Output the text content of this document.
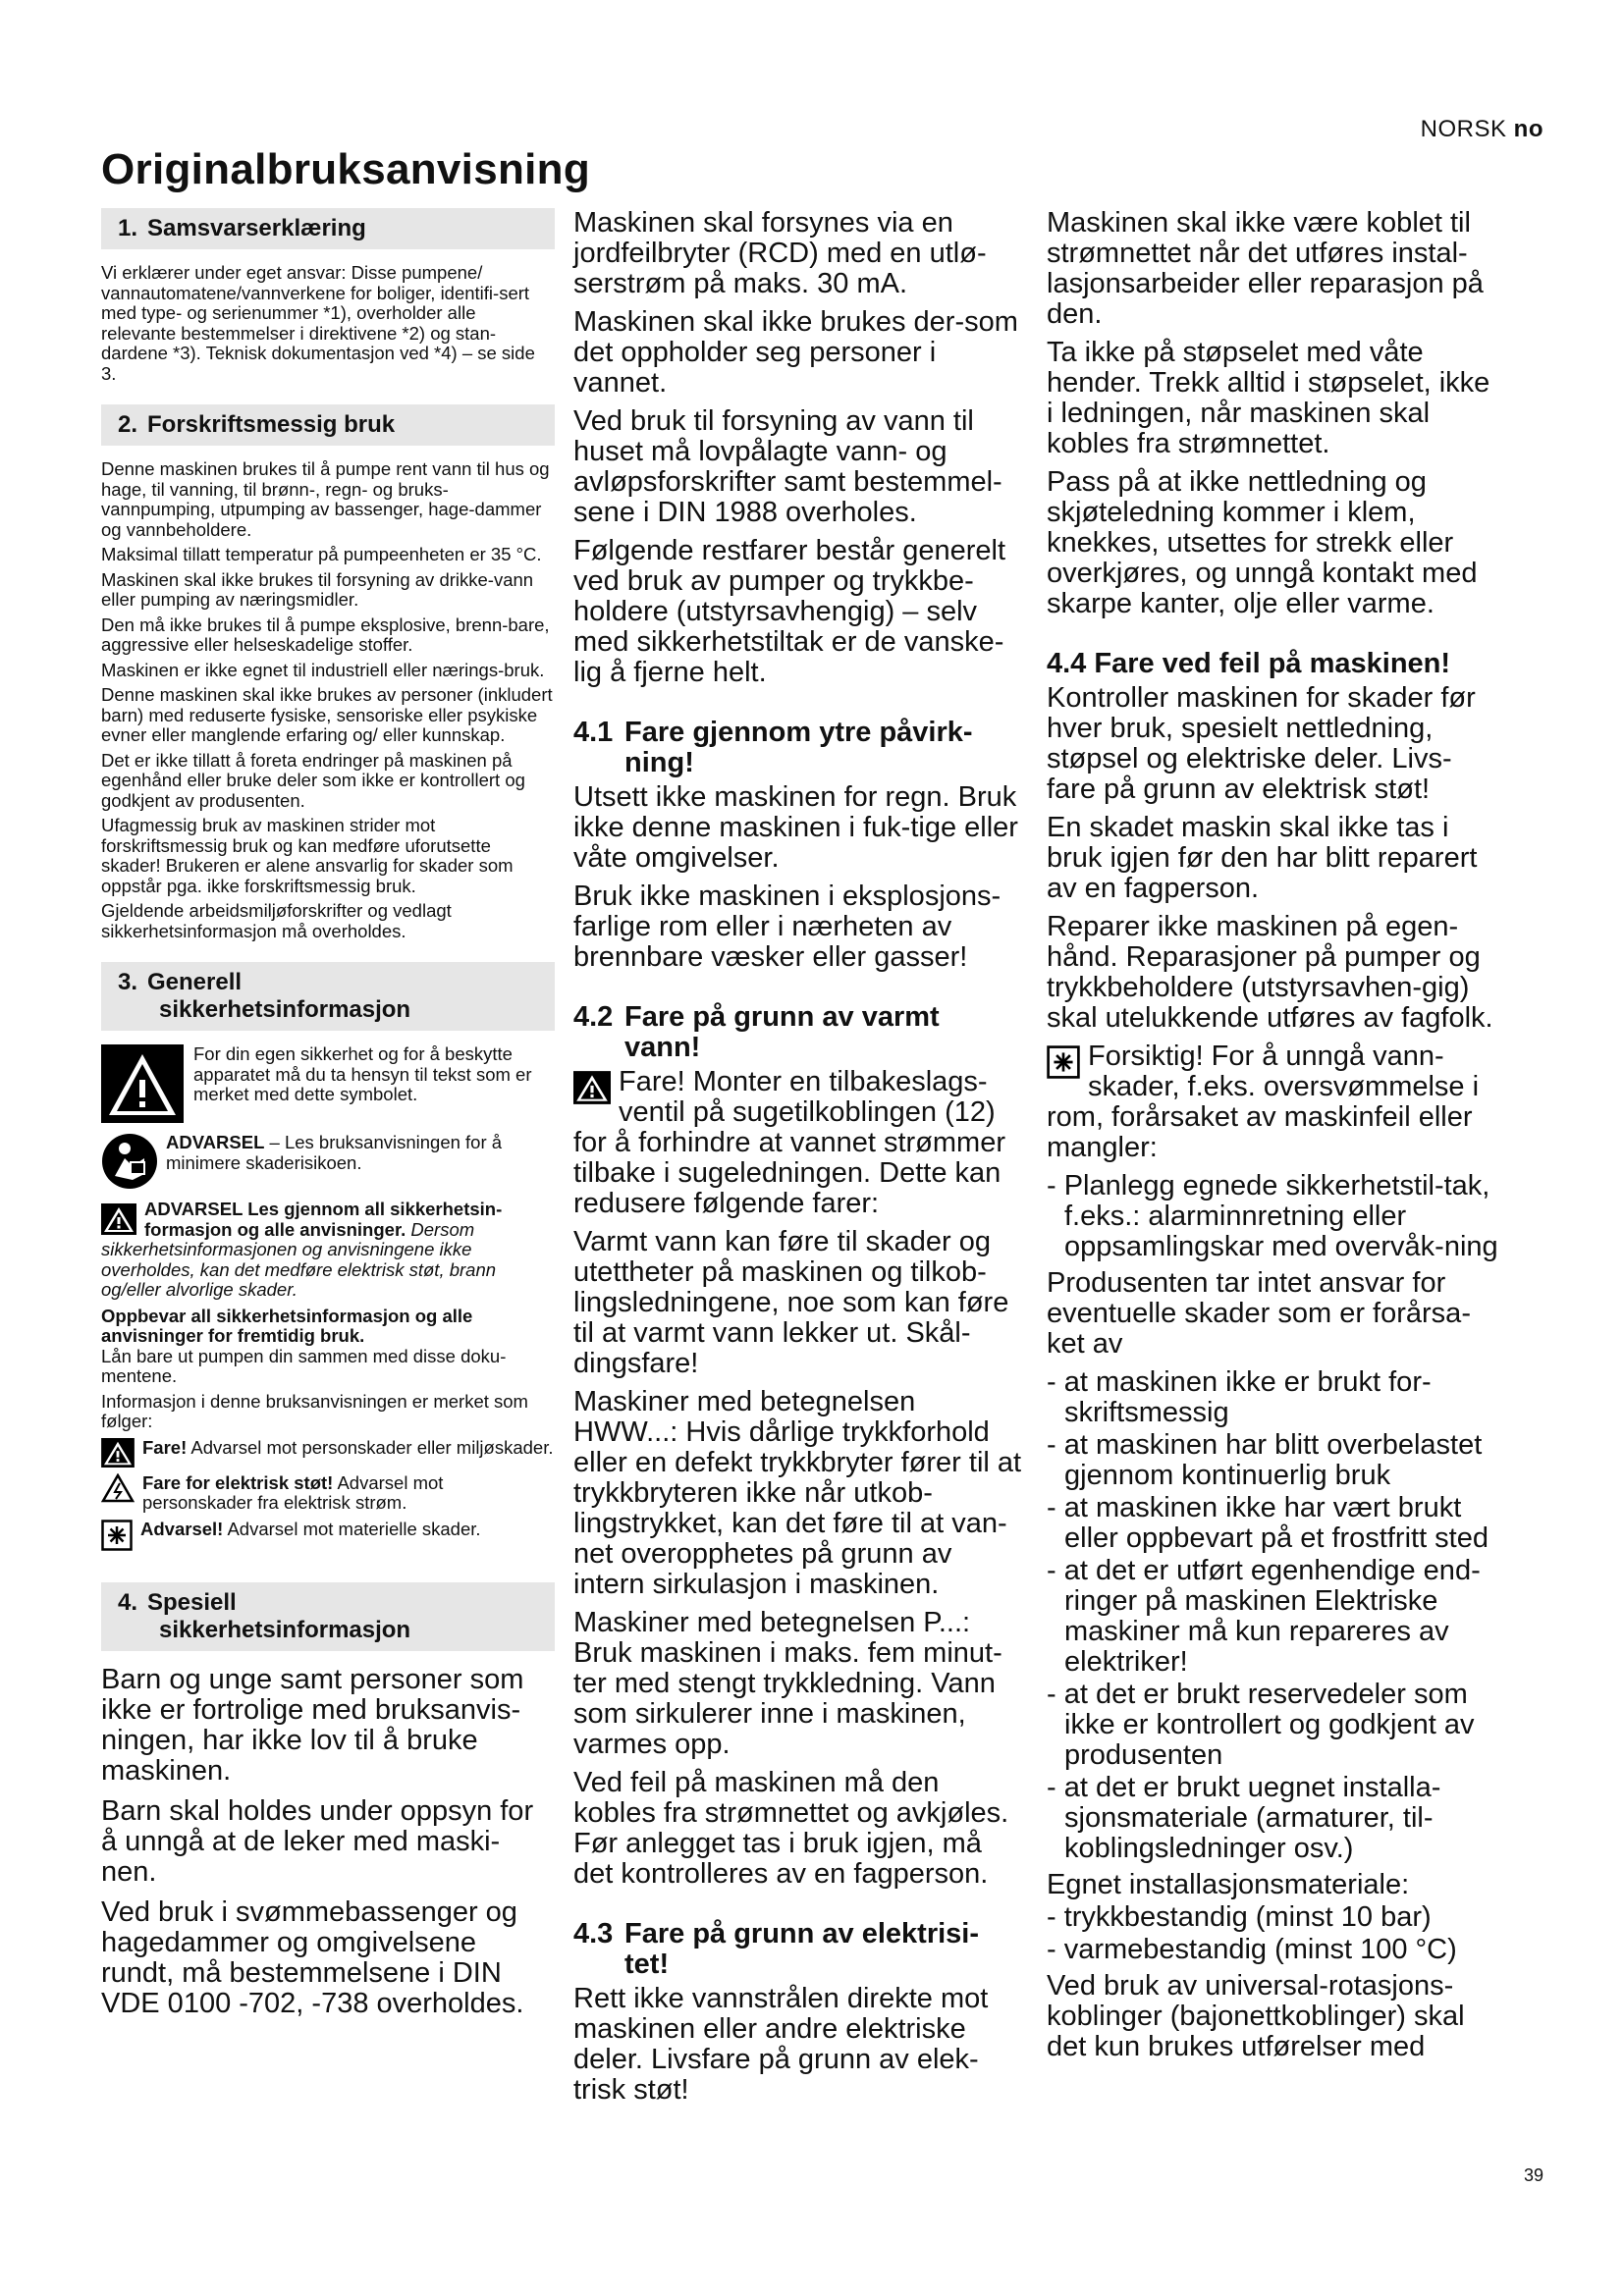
NORSK no
Originalbruksanvisning
1. Samsvarserklæring

Vi erklærer under eget ansvar: Disse pumpene/ vannautomatene/vannverkene for boliger, identifi-sert med type- og serienummer *1), overholder alle relevante bestemmelser i direktivene *2) og stan-dardene *3). Teknisk dokumentasjon ved *4) – se side 3.

2. Forskriftsmessig bruk

Denne maskinen brukes til å pumpe rent vann til hus og hage, til vanning, til brønn-, regn- og bruks-vannpumping, utpumping av bassenger, hage-dammer og vannbeholdere.

Maksimal tillatt temperatur på pumpeenheten er 35 °C.

Maskinen skal ikke brukes til forsyning av drikke-vann eller pumping av næringsmidler.

Den må ikke brukes til å pumpe eksplosive, brenn-bare, aggressive eller helseskadelige stoffer.

Maskinen er ikke egnet til industriell eller nærings-bruk.

Denne maskinen skal ikke brukes av personer (inkludert barn) med reduserte fysiske, sensoriske eller psykiske evner eller manglende erfaring og/ eller kunnskap.

Det er ikke tillatt å foreta endringer på maskinen på egenhånd eller bruke deler som ikke er kontrollert og godkjent av produsenten.

Ufagmessig bruk av maskinen strider mot forskriftsmessig bruk og kan medføre uforutsette skader! Brukeren er alene ansvarlig for skader som oppstår pga. ikke forskriftsmessig bruk.

Gjeldende arbeidsmiljøforskrifter og vedlagt sikkerhetsinformasjon må overholdes.

3. Generell
sikkerhetsinformasjon

For din egen sikkerhet og for å beskytte apparatet må du ta hensyn til tekst som er merket med dette symbolet.

ADVARSEL – Les bruksanvisningen for å minimere skaderisikoen.

ADVARSEL Les gjennom all sikkerhetsin-formasjon og alle anvisninger. Dersom sikkerhetsinformasjonen og anvisningene ikke overholdes, kan det medføre elektrisk støt, brann og/eller alvorlige skader.

Oppbevar all sikkerhetsinformasjon og alle anvisninger for fremtidig bruk.
Lån bare ut pumpen din sammen med disse doku-mentene.

Informasjon i denne bruksanvisningen er merket som følger:

Fare! Advarsel mot personskader eller miljøskader.

Fare for elektrisk støt! Advarsel mot personskader fra elektrisk strøm.

Advarsel! Advarsel mot materielle skader.

4. Spesiell
sikkerhetsinformasjon

Barn og unge samt personer som ikke er fortrolige med bruksanvis-ningen, har ikke lov til å bruke maskinen.

Barn skal holdes under oppsyn for å unngå at de leker med maski-nen.

Ved bruk i svømmebassenger og hagedammer og omgivelsene rundt, må bestemmelsene i DIN VDE 0100 -702, -738 overholdes.

Maskinen skal forsynes via en jordfeilbryter (RCD) med en utlø-serstrøm på maks. 30 mA.

Maskinen skal ikke brukes der-som det oppholder seg personer i vannet.

Ved bruk til forsyning av vann til huset må lovpålagte vann- og avløpsforskrifter samt bestemmel-sene i DIN 1988 overholes.

Følgende restfarer består generelt ved bruk av pumper og trykkbe-holdere (utstyrsavhengig) – selv med sikkerhetstiltak er de vanske-lig å fjerne helt.

4.1 Fare gjennom ytre påvirk-
ning!

Utsett ikke maskinen for regn. Bruk ikke denne maskinen i fuk-tige eller våte omgivelser.

Bruk ikke maskinen i eksplosjons-farlige rom eller i nærheten av brennbare væsker eller gasser!

4.2 Fare på grunn av varmt
vann!

Fare! Monter en tilbakeslags-ventil på sugetilkoblingen (12) for å forhindre at vannet strømmer tilbake i sugeledningen. Dette kan redusere følgende farer:

Varmt vann kan føre til skader og utettheter på maskinen og tilkob-lingsledningene, noe som kan føre til at varmt vann lekker ut. Skål-dingsfare!

Maskiner med betegnelsen HWW...: Hvis dårlige trykkforhold eller en defekt trykkbryter fører til at trykkbryteren ikke når utkob-lingstrykket, kan det føre til at van-net overopphetes på grunn av intern sirkulasjon i maskinen.

Maskiner med betegnelsen P...: Bruk maskinen i maks. fem minut-ter med stengt trykkledning. Vann som sirkulerer inne i maskinen, varmes opp.

Ved feil på maskinen må den kobles fra strømnettet og avkjøles. Før anlegget tas i bruk igjen, må det kontrolleres av en fagperson.

4.3 Fare på grunn av elektrisi-
tet!

Rett ikke vannstrålen direkte mot maskinen eller andre elektriske deler. Livsfare på grunn av elek-trisk støt!

Maskinen skal ikke være koblet til strømnettet når det utføres instal-lasjonsarbeider eller reparasjon på den.

Ta ikke på støpselet med våte hender. Trekk alltid i støpselet, ikke i ledningen, når maskinen skal kobles fra strømnettet.

Pass på at ikke nettledning og skjøteledning kommer i klem, knekkes, utsettes for strekk eller overkjøres, og unngå kontakt med skarpe kanter, olje eller varme.

4.4 Fare ved feil på maskinen!

Kontroller maskinen for skader før hver bruk, spesielt nettledning, støpsel og elektriske deler. Livs-fare på grunn av elektrisk støt!

En skadet maskin skal ikke tas i bruk igjen før den har blitt reparert av en fagperson.

Reparer ikke maskinen på egen-hånd. Reparasjoner på pumper og trykkbeholdere (utstyrsavhen-gig) skal utelukkende utføres av fagfolk.

Forsiktig! For å unngå vann-skader, f.eks. oversvømmelse i rom, forårsaket av maskinfeil eller mangler:

- Planlegg egnede sikkerhetstil-tak, f.eks.: alarminnretning eller oppsamlingskar med overvåk-ning

Produsenten tar intet ansvar for eventuelle skader som er forårsa-ket av

- at maskinen ikke er brukt for-skriftsmessig
- at maskinen har blitt overbelastet gjennom kontinuerlig bruk
- at maskinen ikke har vært brukt eller oppbevart på et frostfritt sted
- at det er utført egenhendige end-ringer på maskinen Elektriske maskiner må kun repareres av elektriker!
- at det er brukt reservedeler som ikke er kontrollert og godkjent av produsenten
- at det er brukt uegnet installa-sjonsmateriale (armaturer, til-koblingsledninger osv.)

Egnet installasjonsmateriale:

- trykkbestandig (minst 10 bar)
- varmebestandig (minst 100 °C)

Ved bruk av universal-rotasjons-koblinger (bajonettkoblinger) skal det kun brukes utførelser med

39
